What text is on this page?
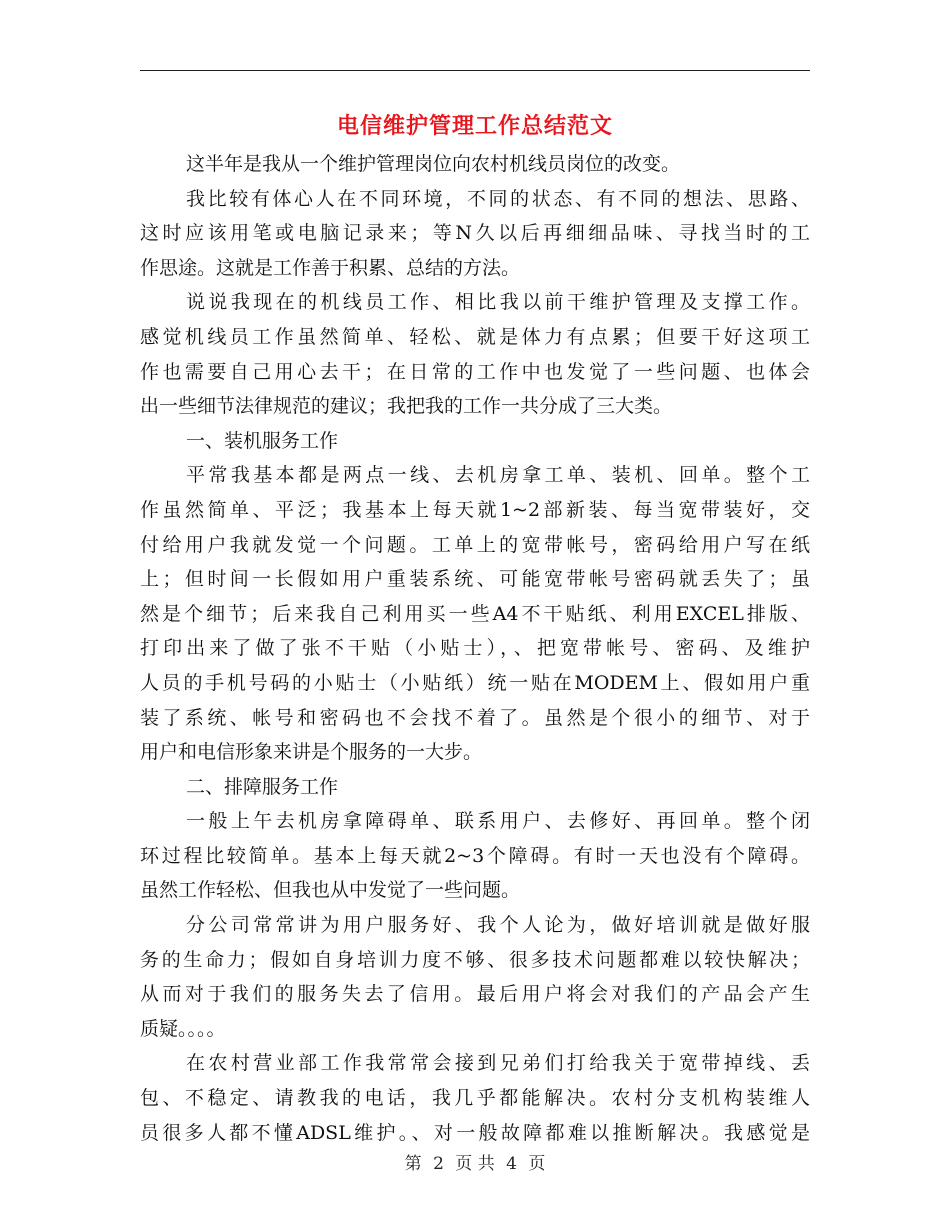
电信维护管理工作总结范文
这半年是我从一个维护管理岗位向农村机线员岗位的改变。
我比较有体心人在不同环境，不同的状态、有不同的想法、思路、
这时应该用笔或电脑记录来；等N久以后再细细品味、寻找当时的工
作思途。这就是工作善于积累、总结的方法。
说说我现在的机线员工作、相比我以前干维护管理及支撑工作。
感觉机线员工作虽然简单、轻松、就是体力有点累；但要干好这项工
作也需要自己用心去干；在日常的工作中也发觉了一些问题、也体会
出一些细节法律规范的建议；我把我的工作一共分成了三大类。
一、装机服务工作
平常我基本都是两点一线、去机房拿工单、装机、回单。整个工
作虽然简单、平泛；我基本上每天就1~2部新装、每当宽带装好，交
付给用户我就发觉一个问题。工单上的宽带帐号，密码给用户写在纸
上；但时间一长假如用户重装系统、可能宽带帐号密码就丢失了；虽
然是个细节；后来我自己利用买一些A4不干贴纸、利用EXCEL排版、
打印出来了做了张不干贴（小贴士），、把宽带帐号、密码、及维护
人员的手机号码的小贴士（小贴纸）统一贴在MODEM上、假如用户重
装了系统、帐号和密码也不会找不着了。虽然是个很小的细节、对于
用户和电信形象来讲是个服务的一大步。
二、排障服务工作
一般上午去机房拿障碍单、联系用户、去修好、再回单。整个闭
环过程比较简单。基本上每天就2~3个障碍。有时一天也没有个障碍。
虽然工作轻松、但我也从中发觉了一些问题。
分公司常常讲为用户服务好、我个人论为，做好培训就是做好服
务的生命力；假如自身培训力度不够、很多技术问题都难以较快解决；
从而对于我们的服务失去了信用。最后用户将会对我们的产品会产生
质疑。。。。
在农村营业部工作我常常会接到兄弟们打给我关于宽带掉线、丢
包、不稳定、请教我的电话，我几乎都能解决。农村分支机构装维人
员很多人都不懂ADSL维护。、对一般故障都难以推断解决。我感觉是
第 2 页 共 4 页
